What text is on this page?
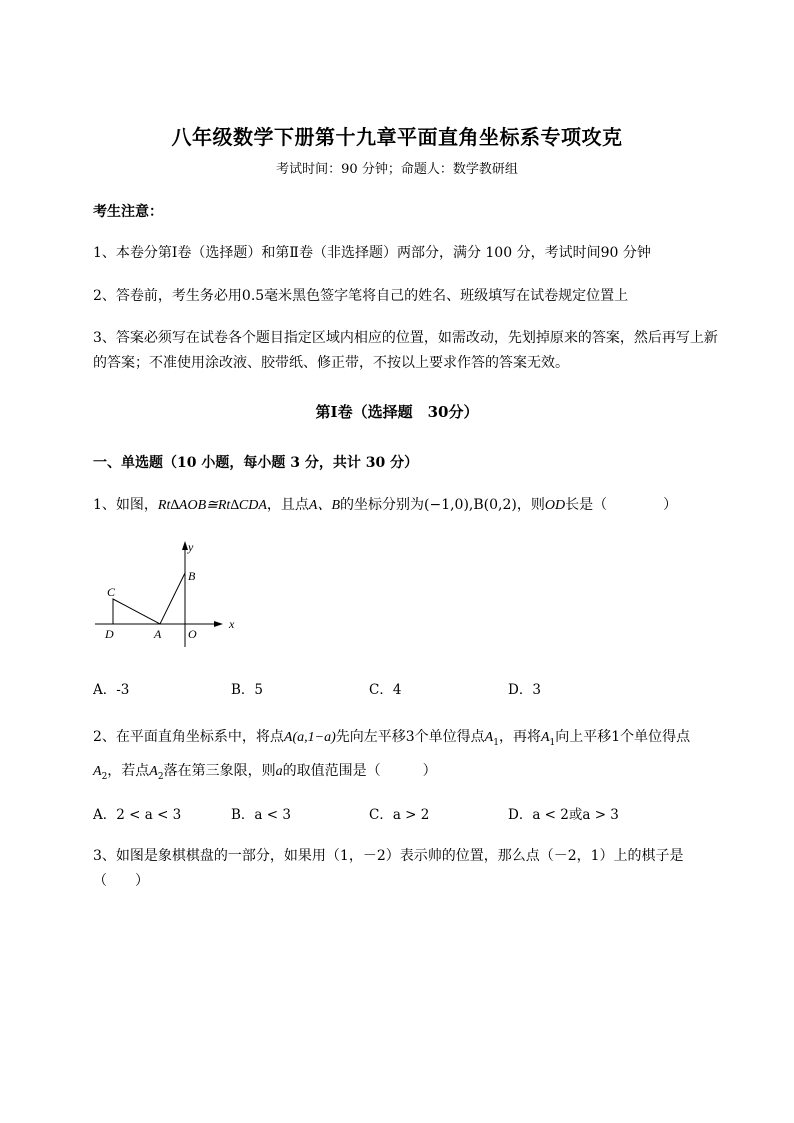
八年级数学下册第十九章平面直角坐标系专项攻克
考试时间：90 分钟；命题人：数学教研组
考生注意：
1、本卷分第Ⅰ卷（选择题）和第Ⅱ卷（非选择题）两部分，满分 100 分，考试时间90 分钟
2、答卷前，考生务必用0.5毫米黑色签字笔将自己的姓名、班级填写在试卷规定位置上
3、答案必须写在试卷各个题目指定区域内相应的位置，如需改动，先划掉原来的答案，然后再写上新
的答案；不准使用涂改液、胶带纸、修正带，不按以上要求作答的答案无效。
第Ⅰ卷（选择题　30分）
一、单选题（10 小题，每小题 3 分，共计 30 分）
1、如图，Rt∆AOB≅Rt∆CDA，且点A、B的坐标分别为(−1,0),B(0,2)，则OD长是（　　　　）
y
x
B
C
D	A O
A．-3	B．5	C．4	D．3
2、在平面直角坐标系中，将点A(a,1−a)先向左平移3个单位得点$A_1$，再将$A_1$向上平移1个单位得点
$A_2$，若点$A_2$落在第三象限，则a的取值范围是（　　　）
A．2 < a < 3	B．a < 3	C．a > 2	D．a < 2或a > 3
3、如图是象棋棋盘的一部分，如果用（1，－2）表示帅的位置，那么点（－2，1）上的棋子是
（　　）
